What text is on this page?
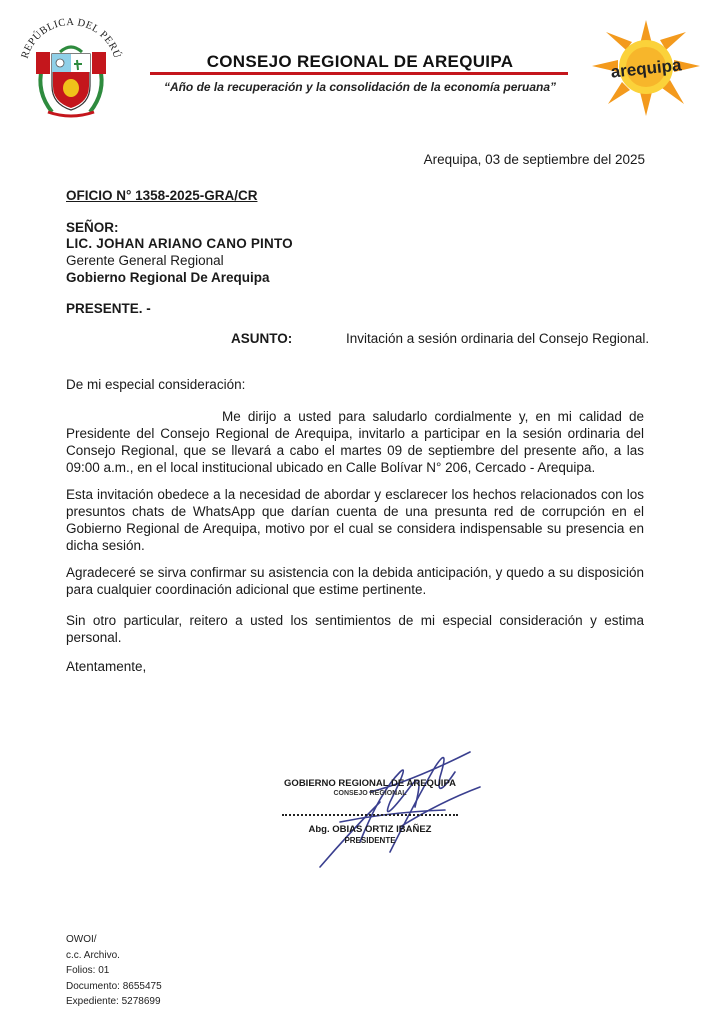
REPÚBLICA DEL PERÚ	CONSEJO REGIONAL DE AREQUIPA
“Año de la recuperación y la consolidación de la economía peruana”
arequipa
Arequipa, 03 de septiembre del 2025
OFICIO N° 1358-2025-GRA/CR
SEÑOR:
LIC. JOHAN ARIANO CANO PINTO
Gerente General Regional
Gobierno Regional De Arequipa
PRESENTE. -
ASUNTO:	Invitación a sesión ordinaria del Consejo Regional.
De mi especial consideración:
Me dirijo a usted para saludarlo cordialmente y, en mi calidad de Presidente del Consejo Regional de Arequipa, invitarlo a participar en la sesión ordinaria del Consejo Regional, que se llevará a cabo el martes 09 de septiembre del presente año, a las 09:00 a.m., en el local institucional ubicado en Calle Bolívar N° 206, Cercado - Arequipa.
Esta invitación obedece a la necesidad de abordar y esclarecer los hechos relacionados con los presuntos chats de WhatsApp que darían cuenta de una presunta red de corrupción en el Gobierno Regional de Arequipa, motivo por el cual se considera indispensable su presencia en dicha sesión.
Agradeceré se sirva confirmar su asistencia con la debida anticipación, y quedo a su disposición para cualquier coordinación adicional que estime pertinente.
Sin otro particular, reitero a usted los sentimientos de mi especial consideración y estima personal.
Atentamente,
GOBIERNO REGIONAL DE AREQUIPA
CONSEJO REGIONAL
Abg. OBIAS ORTIZ IBAÑEZ
PRESIDENTE
OWOI/
c.c. Archivo.
Folios: 01
Documento: 8655475
Expediente: 5278699
